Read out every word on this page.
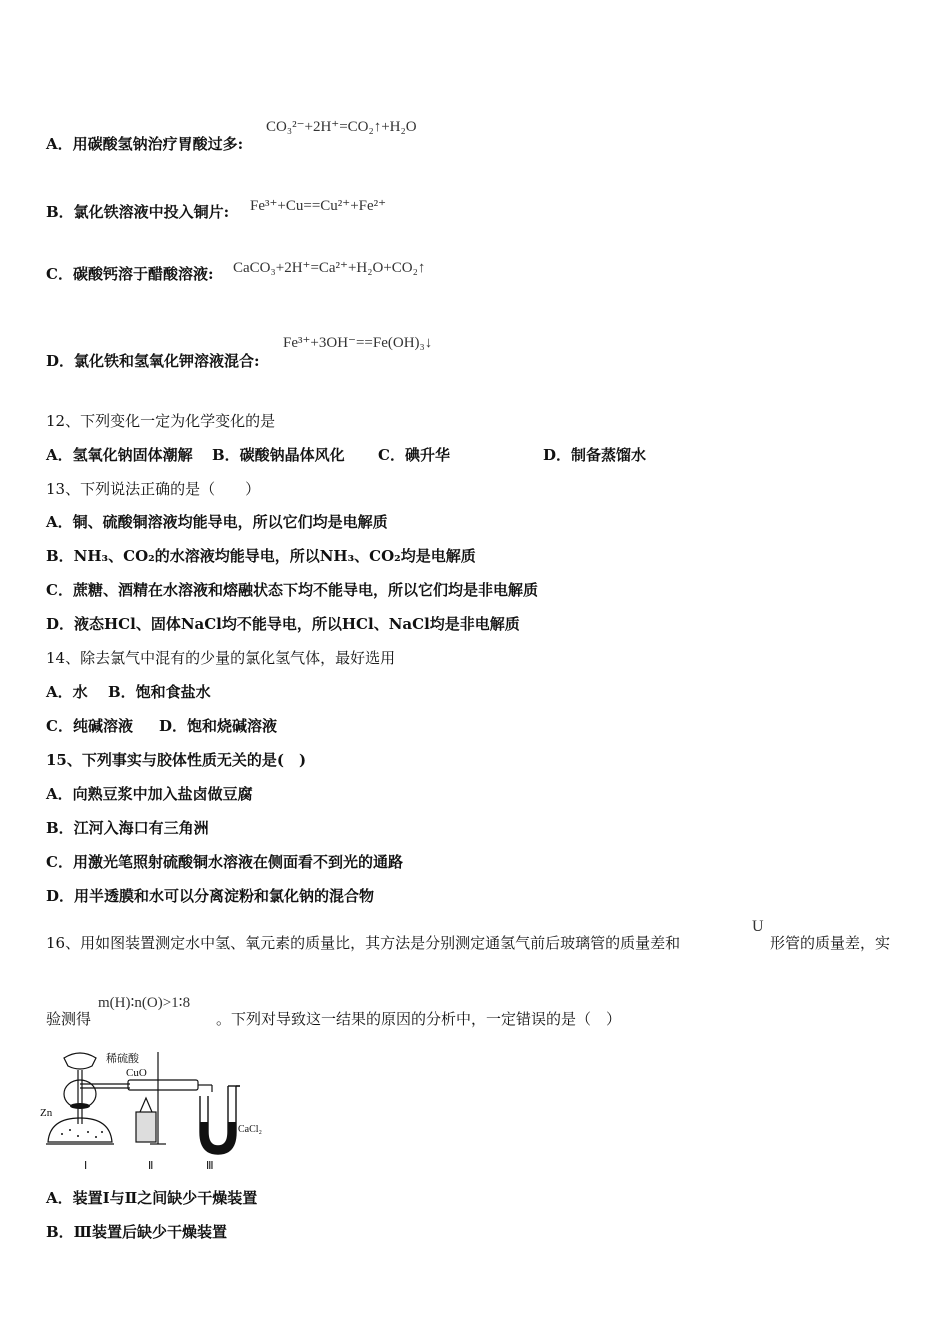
A．用碳酸氢钠治疗胃酸过多:
CO₃²⁻+2H⁺=CO₂↑+H₂O
B．氯化铁溶液中投入铜片: Fe³⁺+Cu==Cu²⁺+Fe²⁺
C．碳酸钙溶于醋酸溶液: CaCO₃+2H⁺=Ca²⁺+H₂O+CO₂↑
D．氯化铁和氢氧化钾溶液混合:
Fe³⁺+3OH⁻==Fe(OH)₃↓
12、下列变化一定为化学变化的是
A．氢氧化钠固体潮解 B．碳酸钠晶体风化 C．碘升华	D．制备蒸馏水
13、下列说法正确的是（　　）
A．铜、硫酸铜溶液均能导电，所以它们均是电解质
B．NH₃、CO₂的水溶液均能导电，所以NH₃、CO₂均是电解质
C．蔗糖、酒精在水溶液和熔融状态下均不能导电，所以它们均是非电解质
D．液态HCl、固体NaCl均不能导电，所以HCl、NaCl均是非电解质
14、除去氯气中混有的少量的氯化氢气体，最好选用
A．水 B．饱和食盐水
C．纯碱溶液 D．饱和烧碱溶液
15、下列事实与胶体性质无关的是(　)
A．向熟豆浆中加入盐卤做豆腐
B．江河入海口有三角洲
C．用激光笔照射硫酸铜水溶液在侧面看不到光的通路
D．用半透膜和水可以分离淀粉和氯化钠的混合物
16、用如图装置测定水中氢、氧元素的质量比，其方法是分别测定通氢气前后玻璃管的质量差和
U
形管的质量差，实
验测得
m(H)∶n(O)>1∶8
。下列对导致这一结果的原因的分析中，一定错误的是（　）
稀硫酸
CuO
Zn
CaCl₂
Ⅰ	Ⅱ	Ⅲ
A．装置Ⅰ与Ⅱ之间缺少干燥装置
B．Ⅲ装置后缺少干燥装置
